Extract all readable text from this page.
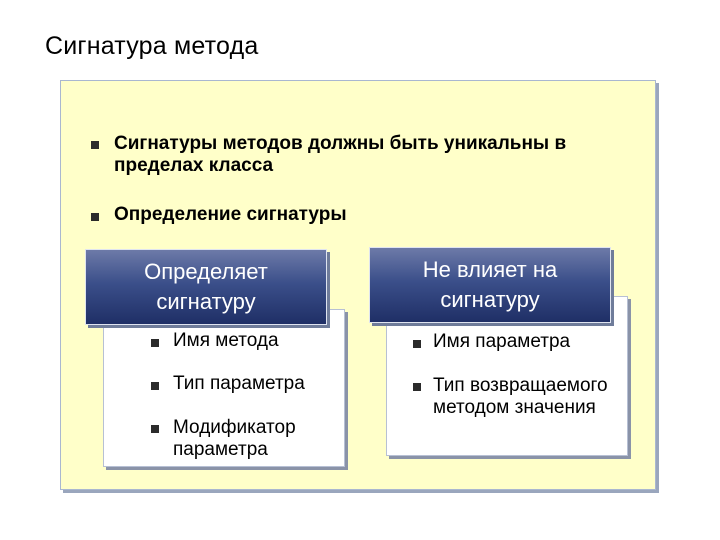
Сигнатура метода
Сигнатуры методов должны быть уникальны в пределах класса
Определение сигнатуры
Определяет сигнатуру
Имя метода
Тип параметра
Модификатор параметра
Не влияет на сигнатуру
Имя параметра
Тип возвращаемого методом значения
